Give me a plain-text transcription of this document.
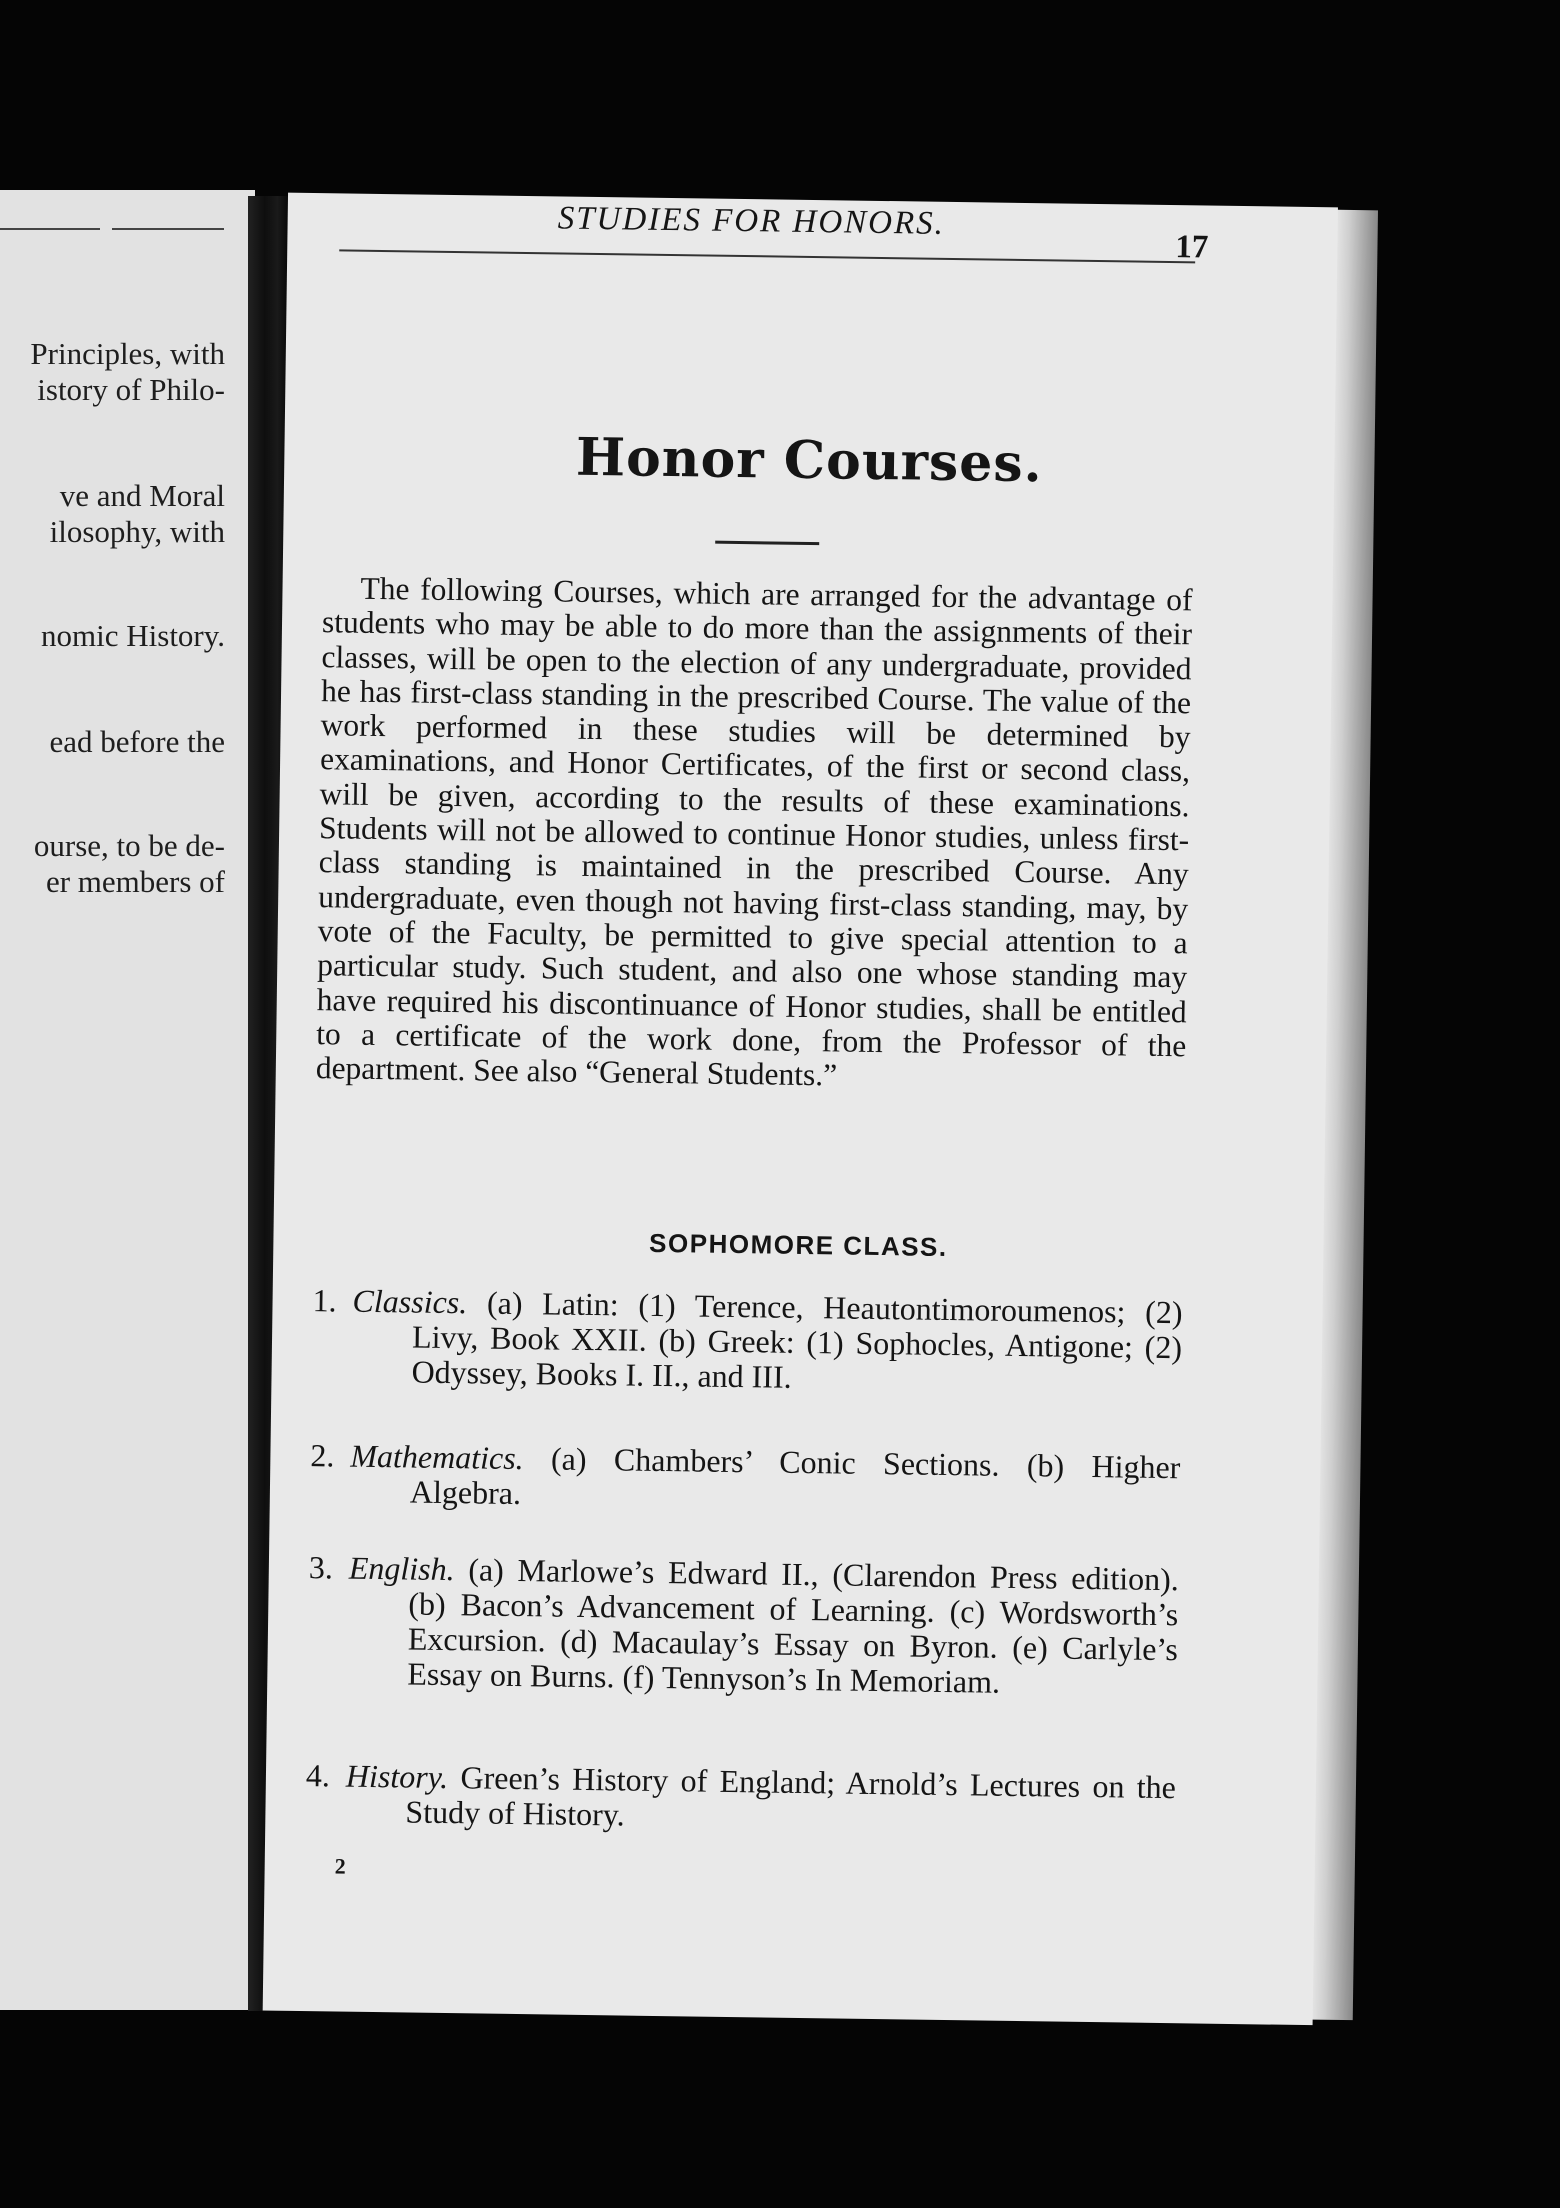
Principles, with
istory of Philo-
ve and Moral
ilosophy, with
nomic History.
ead before the
ourse, to be de-
er members of
STUDIES FOR HONORS.
17
Honor Courses.

The following Courses, which are arranged for the advantage of students who may be able to do more than the assignments of their classes, will be open to the election of any undergraduate, provided he has first-class standing in the prescribed Course. The value of the work performed in these studies will be determined by examinations, and Honor Certificates, of the first or second class, will be given, according to the results of these examinations. Students will not be allowed to continue Honor studies, unless first-class standing is maintained in the prescribed Course. Any undergraduate, even though not having first-class standing, may, by vote of the Faculty, be permitted to give special attention to a particular study. Such student, and also one whose standing may have required his discontinuance of Honor studies, shall be entitled to a certificate of the work done, from the Professor of the department. See also “General Students.”

SOPHOMORE CLASS.
1. Classics. (a) Latin: (1) Terence, Heautontimoroumenos; (2) Livy, Book XXII. (b) Greek: (1) Sophocles, Antigone; (2) Odyssey, Books I. II., and III.
2. Mathematics. (a) Chambers’ Conic Sections. (b) Higher Algebra.
3. English. (a) Marlowe’s Edward II., (Clarendon Press edition). (b) Bacon’s Advancement of Learning. (c) Wordsworth’s Excursion. (d) Macaulay’s Essay on Byron. (e) Carlyle’s Essay on Burns. (f) Tennyson’s In Memoriam.
4. History. Green’s History of England; Arnold’s Lectures on the Study of History.
2
